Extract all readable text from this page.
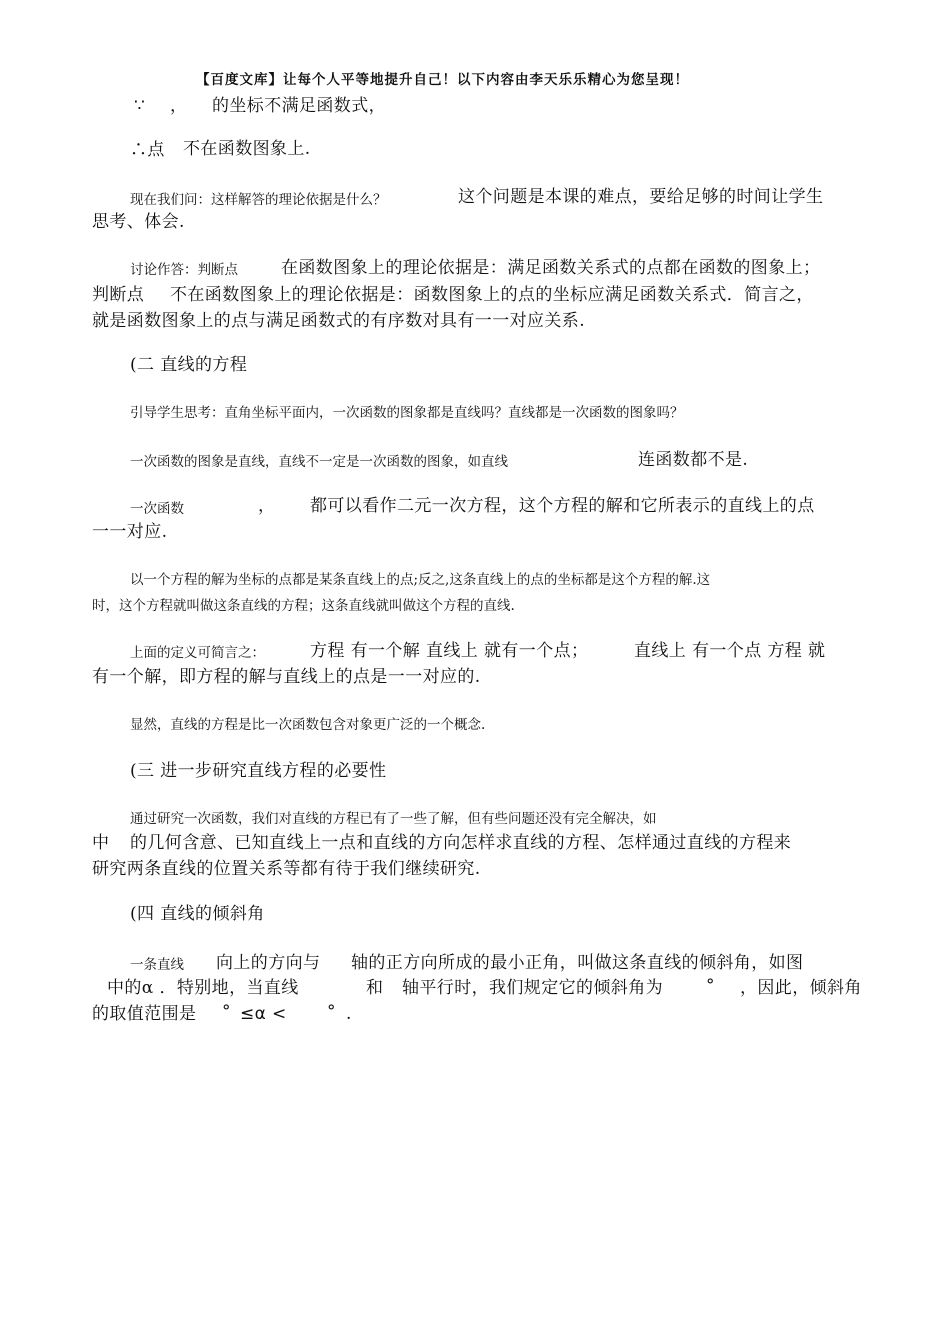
【百度文库】让每个人平等地提升自己！以下内容由李天乐乐精心为您呈现！
∵ ， 的坐标不满足函数式，
∴点 不在函数图象上.
现在我们问：这样解答的理论依据是什么？	这个问题是本课的难点，要给足够的时间让学生
思考、体会.
讨论作答：判断点	在函数图象上的理论依据是：满足函数关系式的点都在函数的图象上；
判断点 不在函数图象上的理论依据是：函数图象上的点的坐标应满足函数关系式．简言之，
就是函数图象上的点与满足函数式的有序数对具有一一对应关系.
(二 直线的方程
引导学生思考：直角坐标平面内，一次函数的图象都是直线吗？直线都是一次函数的图象吗？
一次函数的图象是直线，直线不一定是一次函数的图象，如直线	连函数都不是.
一次函数	， 都可以看作二元一次方程，这个方程的解和它所表示的直线上的点
一一对应.
以一个方程的解为坐标的点都是某条直线上的点;反之,这条直线上的点的坐标都是这个方程的解.这
时，这个方程就叫做这条直线的方程；这条直线就叫做这个方程的直线.
上面的定义可简言之：	方程 有一个解 直线上 就有一个点；	直线上 有一个点 方程 就
有一个解，即方程的解与直线上的点是一一对应的.
显然，直线的方程是比一次函数包含对象更广泛的一个概念.
(三 进一步研究直线方程的必要性
通过研究一次函数，我们对直线的方程已有了一些了解，但有些问题还没有完全解决，如
中 的几何含意、已知直线上一点和直线的方向怎样求直线的方程、怎样通过直线的方程来
研究两条直线的位置关系等都有待于我们继续研究.
(四 直线的倾斜角
一条直线 向上的方向与 轴的正方向所成的最小正角，叫做这条直线的倾斜角，如图
中的α ．特别地，当直线	和 轴平行时，我们规定它的倾斜角为	° ，因此，倾斜角
的取值范围是 ° ≤α < ° .
